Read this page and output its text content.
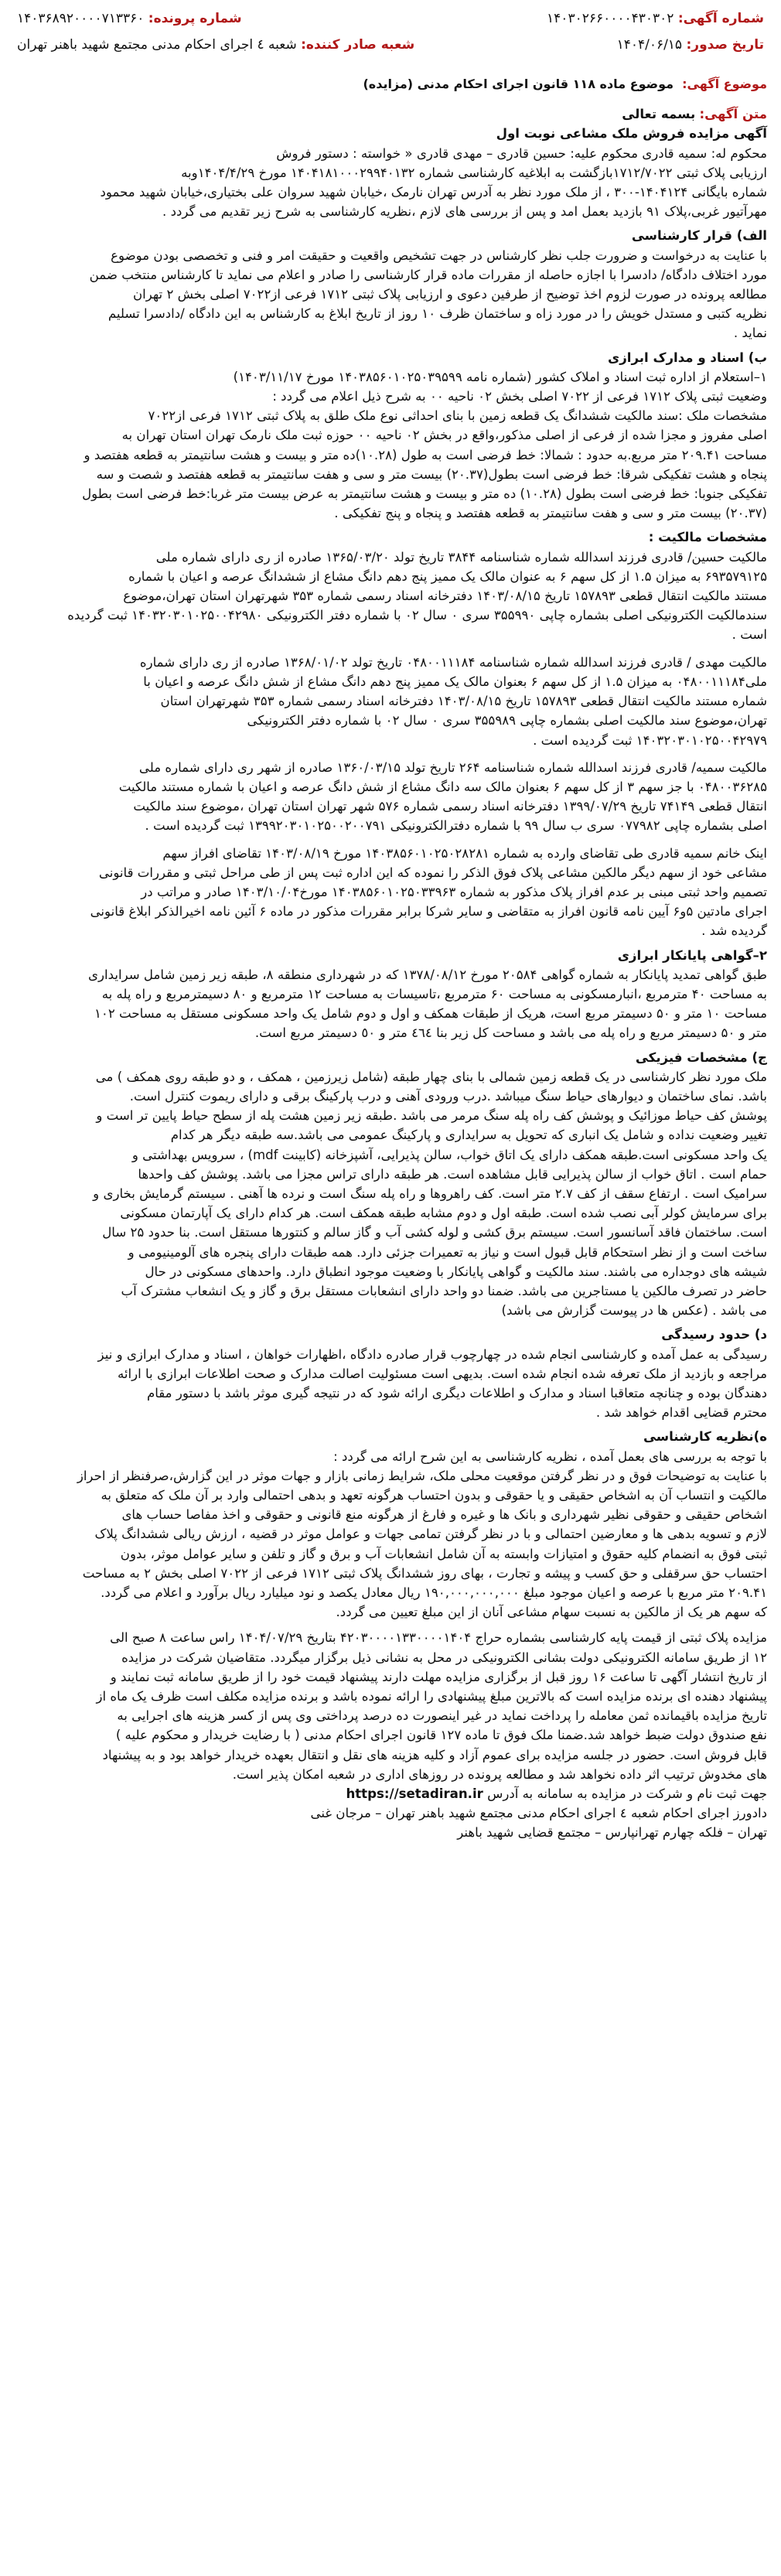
شماره آگهی: ۱۴۰۳۰۲۶۶۰۰۰۰۴۳۰۳۰۲
شماره پرونده: ۱۴۰۳۶۸۹۲۰۰۰۰۷۱۳۳۶۰
تاریخ صدور: ۱۴۰۴/۰۶/۱۵
شعبه صادر کننده: شعبه ٤ اجرای احکام مدنی مجتمع شهید باهنر تهران
موضوع آگهی: موضوع ماده ۱۱۸ قانون اجرای احکام مدنی (مزایده)
متن آگهی: بسمه تعالی
آگهی مزایده فروش ملک مشاعی نوبت اول
محکوم له: سمیه قادری محکوم علیه: حسین قادری – مهدی قادری « خواسته : دستور فروش
ارزیابی پلاک ثبتی ۱۷۱۲/۷۰۲۲بازگشت به ابلاغیه کارشناسی شماره ۱۴۰۴۱۸۱۰۰۰۲۹۹۴۰۱۳۲ مورخ ۱۴۰۴/۴/۲۹وبه
شماره بایگانی ۱۴۰۴۱۲۴-۳۰۰ ، از ملک مورد نظر به آدرس تهران نارمک ،خیابان شهید سروان علی بختیاری،خیابان شهید محمود
مهرآتیور غربی،پلاک ۹۱ بازدید بعمل امد و پس از بررسی های لازم ،نظریه کارشناسی به شرح زیر تقدیم می گردد .
الف) قرار کارشناسی
با عنایت به درخواست و ضرورت جلب نظر کارشناس در جهت تشخیص واقعیت و حقیقت امر و فنی و تخصصی بودن موضوع
مورد اختلاف دادگاه/ دادسرا با اجازه حاصله از مقررات ماده قرار کارشناسی را صادر و اعلام می نماید تا کارشناس منتخب ضمن
مطالعه پرونده در صورت لزوم اخذ توضیح از طرفین دعوی و ارزیابی پلاک ثبتی ۱۷۱۲ فرعی از۷۰۲۲ اصلی بخش ۲ تهران
نظریه کتبی و مستدل خویش را در مورد زاه و ساختمان ظرف ۱۰ روز از تاریخ ابلاغ به کارشناس به این دادگاه /دادسرا تسلیم
نماید .
ب) اسناد و مدارک ابرازی
۱–استعلام از اداره ثبت اسناد و املاک کشور (شماره نامه ۱۴۰۳۸۵۶۰۱۰۲۵۰۳۹۵۹۹ مورخ ۱۴۰۳/۱۱/۱۷)
وضعیت ثبتی پلاک ۱۷۱۲ فرعی از ۷۰۲۲ اصلی بخش ۰۲ ناحیه ۰۰ به شرح ذیل اعلام می گردد :
مشخصات ملک :سند مالکیت ششدانگ یک قطعه زمین با بنای احداثی نوع ملک طلق به پلاک ثبتی ۱۷۱۲ فرعی از۷۰۲۲
اصلی مفروز و مجزا شده از فرعی از اصلی مذکور،واقع در بخش ۰۲ ناحیه ۰۰ حوزه ثبت ملک نارمک تهران استان تهران به
مساحت ۲۰۹.۴۱ متر مربع.به حدود : شمالا: خط فرضی است به طول (۱۰.۲۸)ده متر و بیست و هشت سانتیمتر به قطعه هفتصد و
پنجاه و هشت تفکیکی شرقا: خط فرضی است بطول(۲۰.۳۷) بیست متر و سی و هفت سانتیمتر به قطعه هفتصد و شصت و سه
تفکیکی جنوبا: خط فرضی است بطول (۱۰.۲۸) ده متر و بیست و هشت سانتیمتر به عرض بیست متر غربا:خط فرضی است بطول
(۲۰.۳۷) بیست متر و سی و هفت سانتیمتر به قطعه هفتصد و پنجاه و پنج تفکیکی .
مشخصات مالکیت :
مالکیت حسین/ قادری فرزند اسدالله شماره شناسنامه ۳۸۴۴ تاریخ تولد ۱۳۶۵/۰۳/۲۰ صادره از ری دارای شماره ملی
۶۹۳۵۷۹۱۲۵ به میزان ۱.۵ از کل سهم ۶ به عنوان مالک یک ممیز پنج دهم دانگ مشاع از ششدانگ عرصه و اعیان با شماره
مستند مالکیت انتقال قطعی ۱۵۷۸۹۳ تاریخ ۱۴۰۳/۰۸/۱۵ دفترخانه اسناد رسمی شماره ۳۵۳ شهرتهران استان تهران،موضوع
سندمالکیت الکترونیکی اصلی بشماره چاپی ۳۵۵۹۹۰ سری ۰ سال ۰۲ با شماره دفتر الکترونیکی ۱۴۰۳۲۰۳۰۱۰۲۵۰۰۴۲۹۸۰ ثبت گردیده
است .
مالکیت مهدی / قادری فرزند اسدالله شماره شناسنامه ۰۴۸۰۰۱۱۱۸۴ تاریخ تولد ۱۳۶۸/۰۱/۰۲ صادره از ری دارای شماره
ملی۰۴۸۰۰۱۱۱۸۴ به میزان ۱.۵ از کل سهم ۶ بعنوان مالک یک ممیز پنج دهم دانگ مشاع از شش دانگ عرصه و اعیان با
شماره مستند مالکیت انتقال قطعی ۱۵۷۸۹۳ تاریخ ۱۴۰۳/۰۸/۱۵ دفترخانه اسناد رسمی شماره ۳۵۳ شهرتهران استان
تهران،موضوع سند مالکیت اصلی بشماره چاپی ۳۵۵۹۸۹ سری ۰ سال ۰۲ با شماره دفتر الکترونیکی
۱۴۰۳۲۰۳۰۱۰۲۵۰۰۴۲۹۷۹ ثبت گردیده است .
مالکیت سمیه/ قادری فرزند اسدالله شماره شناسنامه ۲۶۴ تاریخ تولد ۱۳۶۰/۰۳/۱۵ صادره از شهر ری دارای شماره ملی
۰۴۸۰۰۳۶۲۸۵ با جز سهم ۳ از کل سهم ۶ بعنوان مالک سه دانگ مشاع از شش دانگ عرصه و اعیان با شماره مستند مالکیت
انتقال قطعی ۷۴۱۴۹ تاریخ ۱۳۹۹/۰۷/۲۹ دفترخانه اسناد رسمی شماره ۵۷۶ شهر تهران استان تهران ،موضوع سند مالکیت
اصلی بشماره چاپی ۰۷۷۹۸۲ سری ب سال ۹۹ با شماره دفترالکترونیکی ۱۳۹۹۲۰۳۰۱۰۲۵۰۰۲۰۰۷۹۱ ثبت گردیده است .
اینک خانم سمیه قادری طی تقاضای وارده به شماره ۱۴۰۳۸۵۶۰۱۰۲۵۰۲۸۲۸۱ مورخ ۱۴۰۳/۰۸/۱۹ تقاضای افراز سهم
مشاعی خود از سهم دیگر مالکین مشاعی پلاک فوق الذکر را نموده که این اداره ثبت پس از طی مراحل ثبتی و مقررات قانونی
تصمیم واحد ثبتی مبنی بر عدم افراز پلاک مذکور به شماره ۱۴۰۳۸۵۶۰۱۰۲۵۰۳۳۹۶۳ مورخ۱۴۰۳/۱۰/۰۴ صادر و مراتب در
اجرای مادتین ۵و۶ آیین نامه قانون افراز به متقاضی و سایر شرکا برابر مقررات مذکور در ماده ۶ آئین نامه اخیرالذکر ابلاغ قانونی
گردیده شد .
۲–گواهی پایانکار ابرازی
طبق گواهی تمدید پایانکار به شماره گواهی ۲۰۵۸۴ مورخ ۱۳۷۸/۰۸/۱۲ که در شهرداری منطقه ۸، طبقه زیر زمین شامل سرایداری
به مساحت ۴۰ مترمربع ،انبارمسکونی به مساحت ۶۰ مترمربع ،تاسیسات به مساحت ۱۲ مترمربع و ۸۰ دسیمترمربع و راه پله به
مساحت ۱۰ متر و ۵۰ دسیمتر مربع است، هریک از طبقات همکف و اول و دوم شامل یک واحد مسکونی مستقل به مساحت ۱۰۲
متر و ۵۰ دسیمتر مربع و راه پله می باشد و مساحت کل زیر بنا ٤٦٤ متر و ٥٠ دسیمتر مربع است.
ج) مشخصات فیزیکی
ملک مورد نظر کارشناسی در یک قطعه زمین شمالی با بنای چهار طبقه (شامل زیرزمین ، همکف ، و دو طبقه روی همکف ) می
باشد. نمای ساختمان و دیوارهای حیاط سنگ میباشد .درب ورودی آهنی و درب پارکینگ برقی و دارای ریموت کنترل است.
پوشش کف حیاط موزائیک و پوشش کف راه پله سنگ مرمر می باشد .طبقه زیر زمین هشت پله از سطح حیاط پایین تر است و
تغییر وضعیت نداده و شامل یک انباری که تحویل به سرایداری و پارکینگ عمومی می باشد.سه طبقه دیگر هر کدام
یک واحد مسکونی است.طبقه همکف دارای یک اتاق خواب، سالن پذیرایی، آشپزخانه (کابینت mdf) ، سرویس بهداشتی و
حمام است . اتاق خواب از سالن پذیرایی قابل مشاهده است. هر طبقه دارای تراس مجزا می باشد. پوشش کف واحدها
سرامیک است . ارتفاع سقف از کف ۲.۷ متر است. کف راهروها و راه پله سنگ است و نرده ها آهنی . سیستم گرمایش بخاری و
برای سرمایش کولر آبی نصب شده است. طبقه اول و دوم مشابه طبقه همکف است. هر کدام دارای یک آپارتمان مسکونی
است. ساختمان فاقد آسانسور است. سیستم برق کشی و لوله کشی آب و گاز سالم و کنتورها مستقل است. بنا حدود ۲۵ سال
ساخت است و از نظر استحکام قابل قبول است و نیاز به تعمیرات جزئی دارد. همه طبقات دارای پنجره های آلومینیومی و
شیشه های دوجداره می باشند. سند مالکیت و گواهی پایانکار با وضعیت موجود انطباق دارد. واحدهای مسکونی در حال
حاضر در تصرف مالکین یا مستاجرین می باشد. ضمنا دو واحد دارای انشعابات مستقل برق و گاز و یک انشعاب مشترک آب
می باشد . (عکس ها در پیوست گزارش می باشد)
د) حدود رسیدگی
رسیدگی به عمل آمده و کارشناسی انجام شده در چهارچوب قرار صادره دادگاه ،اظهارات خواهان ، اسناد و مدارک ابرازی و نیز
مراجعه و بازدید از ملک تعرفه شده انجام شده است. بدیهی است مسئولیت اصالت مدارک و صحت اطلاعات ابرازی با ارائه
دهندگان بوده و چنانچه متعاقبا اسناد و مدارک و اطلاعات دیگری ارائه شود که در نتیجه گیری موثر باشد با دستور مقام
محترم قضایی اقدام خواهد شد .
ه)نظریه کارشناسی
با توجه به بررسی های بعمل آمده ، نظریه کارشناسی به این شرح ارائه می گردد :
با عنایت به توضیحات فوق و در نظر گرفتن موقعیت محلی ملک، شرایط زمانی بازار و جهات موثر در این گزارش،صرفنظر از احراز
مالکیت و انتساب آن به اشخاص حقیقی و یا حقوقی و بدون احتساب هرگونه تعهد و بدهی احتمالی وارد بر آن ملک که متعلق به
اشخاص حقیقی و حقوقی نظیر شهرداری و بانک ها و غیره و فارغ از هرگونه منع قانونی و حقوقی و اخذ مفاصا حساب های
لازم و تسویه بدهی ها و معارضین احتمالی و با در نظر گرفتن تمامی جهات و عوامل موثر در قضیه ، ارزش ریالی ششدانگ پلاک
ثبتی فوق به انضمام کلیه حقوق و امتیازات وابسته به آن شامل انشعابات آب و برق و گاز و تلفن و سایر عوامل موثر، بدون
احتساب حق سرقفلی و حق کسب و پیشه و تجارت ، بهای روز ششدانگ پلاک ثبتی ۱۷۱۲ فرعی از ۷۰۲۲ اصلی بخش ۲ به مساحت
۲۰۹.۴۱ متر مربع با عرصه و اعیان موجود مبلغ ۱۹۰,۰۰۰,۰۰۰,۰۰۰ ریال معادل یکصد و نود میلیارد ریال برآورد و اعلام می گردد.
که سهم هر یک از مالکین به نسبت سهام مشاعی آنان از این مبلغ تعیین می گردد.
مزایده پلاک ثبتی از قیمت پایه کارشناسی بشماره حراج ۴۲۰۳۰۰۰۰۱۳۳۰۰۰۰۱۴۰۴ بتاریخ ۱۴۰۴/۰۷/۲۹ راس ساعت ۸ صبح الی
۱۲ از طریق سامانه الکترونیکی دولت بشانی الکترونیکی در محل به نشانی ذیل برگزار میگردد. متقاضیان شرکت در مزایده
از تاریخ انتشار آگهی تا ساعت ۱۶ روز قبل از برگزاری مزایده مهلت دارند پیشنهاد قیمت خود را از طریق سامانه ثبت نمایند و
پیشنهاد دهنده ای برنده مزایده است که بالاترین مبلغ پیشنهادی را ارائه نموده باشد و برنده مزایده مکلف است ظرف یک ماه از
تاریخ مزایده باقیمانده ثمن معامله را پرداخت نماید در غیر اینصورت ده درصد پرداختی وی پس از کسر هزینه های اجرایی به
نفع صندوق دولت ضبط خواهد شد.ضمنا ملک فوق تا ماده ۱۲۷ قانون اجرای احکام مدنی ( با رضایت خریدار و محکوم علیه )
قابل فروش است. حضور در جلسه مزایده برای عموم آزاد و کلیه هزینه های نقل و انتقال بعهده خریدار خواهد بود و به پیشنهاد
های مخدوش ترتیب اثر داده نخواهد شد و مطالعه پرونده در روزهای اداری در شعبه امکان پذیر است.
جهت ثبت نام و شرکت در مزایده به سامانه به آدرس https://setadiran.ir
دادورز اجرای احکام شعبه ٤ اجرای احکام مدنی مجتمع شهید باهنر تهران – مرجان غنی
تهران – فلکه چهارم تهرانپارس – مجتمع قضایی شهید باهنر
